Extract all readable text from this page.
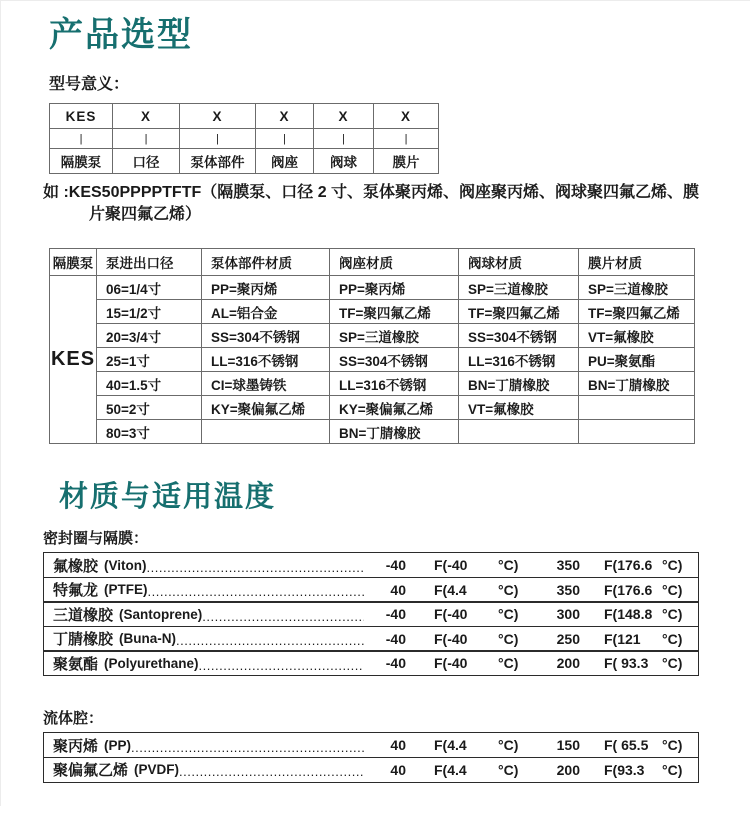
产品选型
型号意义：
KES	X	X	X	X	X
|	|	|	|	|	|
隔膜泵	口径	泵体部件	阀座	阀球	膜片
如 :KES50PPPPTFTF（隔膜泵、口径 2 寸、泵体聚丙烯、阀座聚丙烯、阀球聚四氟乙烯、膜
片聚四氟乙烯）
隔膜泵	泵进出口径	泵体部件材质	阀座材质	阀球材质	膜片材质
KES	06=1/4寸	PP=聚丙烯	PP=聚丙烯	SP=三道橡胶	SP=三道橡胶
	15=1/2寸	AL=铝合金	TF=聚四氟乙烯	TF=聚四氟乙烯	TF=聚四氟乙烯
	20=3/4寸	SS=304不锈钢	SP=三道橡胶	SS=304不锈钢	VT=氟橡胶
	25=1寸	LL=316不锈钢	SS=304不锈钢	LL=316不锈钢	PU=聚氨酯
	40=1.5寸	CI=球墨铸铁	LL=316不锈钢	BN=丁腈橡胶	BN=丁腈橡胶
	50=2寸	KY=聚偏氟乙烯	KY=聚偏氟乙烯	VT=氟橡胶	
	80=3寸		BN=丁腈橡胶		
材质与适用温度
密封圈与隔膜：
氟橡胶 (Viton) .....	-40 F(-40	°C)	350 F(176.6 °C)
特氟龙 (PTFE) .....	40 F(4.4	°C)	350 F(176.6 °C)
三道橡胶 (Santoprene) .....	-40 F(-40	°C)	300 F(148.8 °C)
丁腈橡胶 (Buna-N) .....	-40 F(-40	°C)	250 F(121	°C)
聚氨酯 (Polyurethane) .....	-40 F(-40	°C)	200 F( 93.3 °C)
流体腔：
聚丙烯 (PP) .....	40 F(4.4	°C)	150 F( 65.5 °C)
聚偏氟乙烯 (PVDF) .....	40 F(4.4	°C)	200 F(93.3	°C)
